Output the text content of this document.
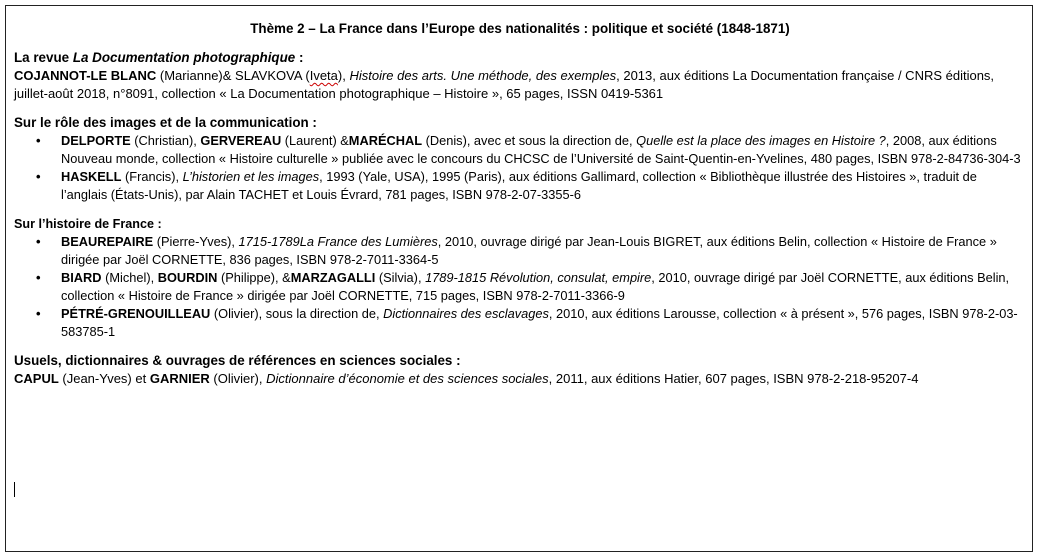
Thème 2 – La France dans l’Europe des nationalités : politique et société (1848-1871)
La revue La Documentation photographique :
COJANNOT-LE BLANC (Marianne)& SLAVKOVA (Iveta), Histoire des arts. Une méthode, des exemples, 2013, aux éditions La Documentation française / CNRS éditions, juillet-août 2018, n°8091, collection « La Documentation photographique – Histoire », 65 pages, ISSN 0419-5361
Sur le rôle des images et de la communication :
• DELPORTE (Christian), GERVEREAU (Laurent) &MARÉCHAL (Denis), avec et sous la direction de, Quelle est la place des images en Histoire ?, 2008, aux éditions Nouveau monde, collection « Histoire culturelle » publiée avec le concours du CHCSC de l’Université de Saint-Quentin-en-Yvelines, 480 pages, ISBN 978-2-84736-304-3
• HASKELL (Francis), L’historien et les images, 1993 (Yale, USA), 1995 (Paris), aux éditions Gallimard, collection « Bibliothèque illustrée des Histoires », traduit de l’anglais (États-Unis), par Alain TACHET et Louis Évrard, 781 pages, ISBN 978-2-07-3355-6
Sur l’histoire de France :
• BEAUREPAIRE (Pierre-Yves), 1715-1789La France des Lumières, 2010, ouvrage dirigé par Jean-Louis BIGRET, aux éditions Belin, collection « Histoire de France » dirigée par Joël CORNETTE, 836 pages, ISBN 978-2-7011-3364-5
• BIARD (Michel), BOURDIN (Philippe), &MARZAGALLI (Silvia), 1789-1815 Révolution, consulat, empire, 2010, ouvrage dirigé par Joël CORNETTE, aux éditions Belin, collection « Histoire de France » dirigée par Joël CORNETTE, 715 pages, ISBN 978-2-7011-3366-9
• PÉTRÉ-GRENOUILLEAU (Olivier), sous la direction de, Dictionnaires des esclavages, 2010, aux éditions Larousse, collection « à présent », 576 pages, ISBN 978-2-03-583785-1
Usuels, dictionnaires & ouvrages de références en sciences sociales :
CAPUL (Jean-Yves) et GARNIER (Olivier), Dictionnaire d’économie et des sciences sociales, 2011, aux éditions Hatier, 607 pages, ISBN 978-2-218-95207-4
